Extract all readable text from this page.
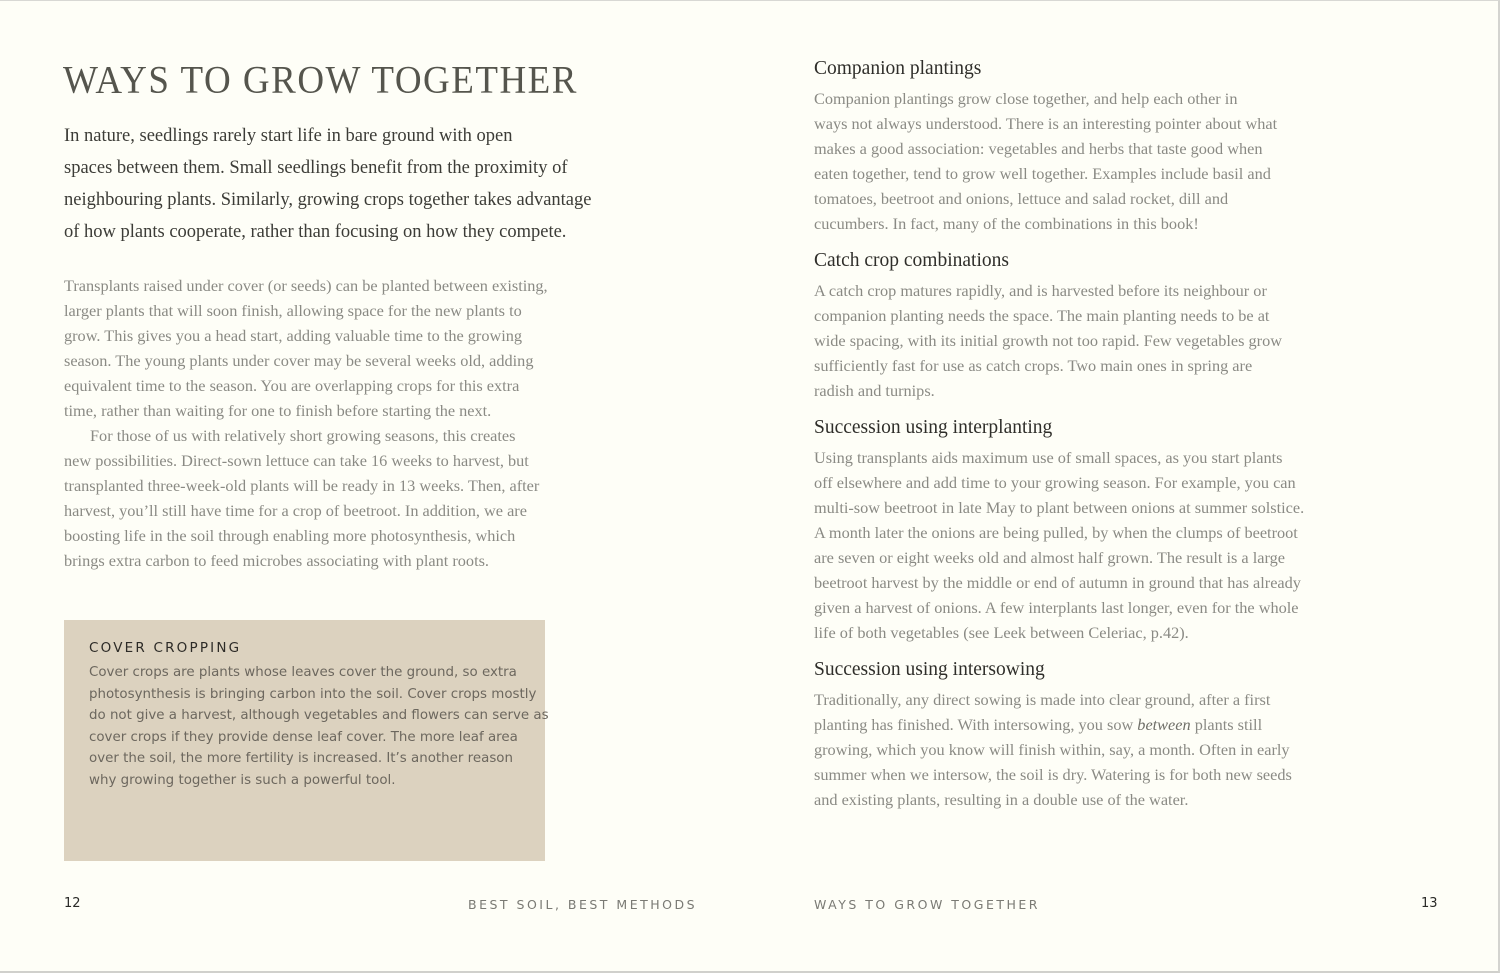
WAYS TO GROW TOGETHER

In nature, seedlings rarely start life in bare ground with open
spaces between them. Small seedlings benefit from the proximity of
neighbouring plants. Similarly, growing crops together takes advantage
of how plants cooperate, rather than focusing on how they compete.

Transplants raised under cover (or seeds) can be planted between existing,
larger plants that will soon finish, allowing space for the new plants to
grow. This gives you a head start, adding valuable time to the growing
season. The young plants under cover may be several weeks old, adding
equivalent time to the season. You are overlapping crops for this extra
time, rather than waiting for one to finish before starting the next.
For those of us with relatively short growing seasons, this creates
new possibilities. Direct-sown lettuce can take 16 weeks to harvest, but
transplanted three-week-old plants will be ready in 13 weeks. Then, after
harvest, you’ll still have time for a crop of beetroot. In addition, we are
boosting life in the soil through enabling more photosynthesis, which
brings extra carbon to feed microbes associating with plant roots.
COVER CROPPING
Cover crops are plants whose leaves cover the ground, so extra
photosynthesis is bringing carbon into the soil. Cover crops mostly
do not give a harvest, although vegetables and flowers can serve as
cover crops if they provide dense leaf cover. The more leaf area
over the soil, the more fertility is increased. It’s another reason
why growing together is such a powerful tool.
12	BEST SOIL, BEST METHODS
Companion plantings
Companion plantings grow close together, and help each other in
ways not always understood. There is an interesting pointer about what
makes a good association: vegetables and herbs that taste good when
eaten together, tend to grow well together. Examples include basil and
tomatoes, beetroot and onions, lettuce and salad rocket, dill and
cucumbers. In fact, many of the combinations in this book!
Catch crop combinations
A catch crop matures rapidly, and is harvested before its neighbour or
companion planting needs the space. The main planting needs to be at
wide spacing, with its initial growth not too rapid. Few vegetables grow
sufficiently fast for use as catch crops. Two main ones in spring are
radish and turnips.
Succession using interplanting
Using transplants aids maximum use of small spaces, as you start plants
off elsewhere and add time to your growing season. For example, you can
multi-sow beetroot in late May to plant between onions at summer solstice.
A month later the onions are being pulled, by when the clumps of beetroot
are seven or eight weeks old and almost half grown. The result is a large
beetroot harvest by the middle or end of autumn in ground that has already
given a harvest of onions. A few interplants last longer, even for the whole
life of both vegetables (see Leek between Celeriac, p.42).
Succession using intersowing
Traditionally, any direct sowing is made into clear ground, after a first
planting has finished. With intersowing, you sow between plants still
growing, which you know will finish within, say, a month. Often in early
summer when we intersow, the soil is dry. Watering is for both new seeds
and existing plants, resulting in a double use of the water.
WAYS TO GROW TOGETHER	13
